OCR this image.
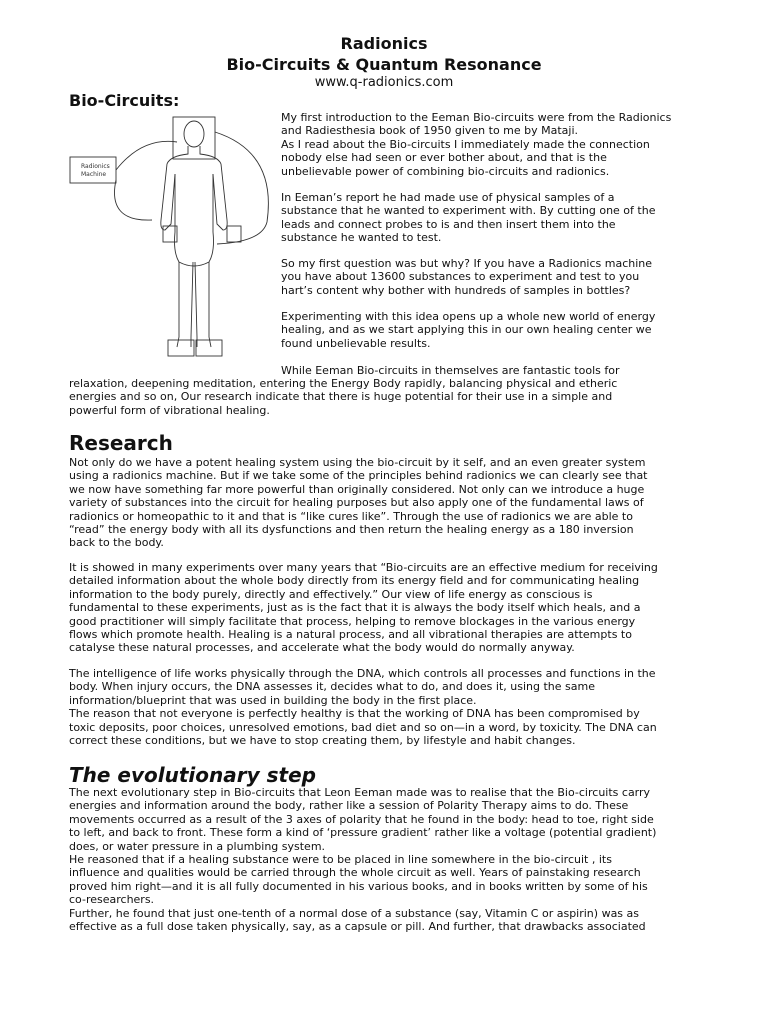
Radionics
Bio-Circuits & Quantum Resonance
www.q-radionics.com
Bio-Circuits:
Radionics
Machine
My first introduction to the Eeman Bio-circuits were from the Radionics
and Radiesthesia book of 1950 given to me by Mataji.
As I read about the Bio-circuits I immediately made the connection
nobody else had seen or ever bother about, and that is the
unbelievable power of combining bio-circuits and radionics.
In Eeman’s report he had made use of physical samples of a
substance that he wanted to experiment with. By cutting one of the
leads and connect probes to is and then insert them into the
substance he wanted to test.
So my first question was but why? If you have a Radionics machine
you have about 13600 substances to experiment and test to you
hart’s content why bother with hundreds of samples in bottles?
Experimenting with this idea opens up a whole new world of energy
healing, and as we start applying this in our own healing center we
found unbelievable results.
While Eeman Bio-circuits in themselves are fantastic tools for
relaxation, deepening meditation, entering the Energy Body rapidly, balancing physical and etheric
energies and so on, Our research indicate that there is huge potential for their use in a simple and
powerful form of vibrational healing.
Research
Not only do we have a potent healing system using the bio-circuit by it self, and an even greater system
using a radionics machine. But if we take some of the principles behind radionics we can clearly see that
we now have something far more powerful than originally considered. Not only can we introduce a huge
variety of substances into the circuit for healing purposes but also apply one of the fundamental laws of
radionics or homeopathic to it and that is “like cures like”. Through the use of radionics we are able to
“read” the energy body with all its dysfunctions and then return the healing energy as a 180 inversion
back to the body.
It is showed in many experiments over many years that “Bio-circuits are an effective medium for receiving
detailed information about the whole body directly from its energy field and for communicating healing
information to the body purely, directly and effectively.” Our view of life energy as conscious is
fundamental to these experiments, just as is the fact that it is always the body itself which heals, and a
good practitioner will simply facilitate that process, helping to remove blockages in the various energy
flows which promote health. Healing is a natural process, and all vibrational therapies are attempts to
catalyse these natural processes, and accelerate what the body would do normally anyway.
The intelligence of life works physically through the DNA, which controls all processes and functions in the
body. When injury occurs, the DNA assesses it, decides what to do, and does it, using the same
information/blueprint that was used in building the body in the first place.
The reason that not everyone is perfectly healthy is that the working of DNA has been compromised by
toxic deposits, poor choices, unresolved emotions, bad diet and so on—in a word, by toxicity. The DNA can
correct these conditions, but we have to stop creating them, by lifestyle and habit changes.
The evolutionary step
The next evolutionary step in Bio-circuits that Leon Eeman made was to realise that the Bio-circuits carry
energies and information around the body, rather like a session of Polarity Therapy aims to do. These
movements occurred as a result of the 3 axes of polarity that he found in the body: head to toe, right side
to left, and back to front. These form a kind of ‘pressure gradient’ rather like a voltage (potential gradient)
does, or water pressure in a plumbing system.
He reasoned that if a healing substance were to be placed in line somewhere in the bio-circuit , its
influence and qualities would be carried through the whole circuit as well. Years of painstaking research
proved him right—and it is all fully documented in his various books, and in books written by some of his
co-researchers.
Further, he found that just one-tenth of a normal dose of a substance (say, Vitamin C or aspirin) was as
effective as a full dose taken physically, say, as a capsule or pill. And further, that drawbacks associated
